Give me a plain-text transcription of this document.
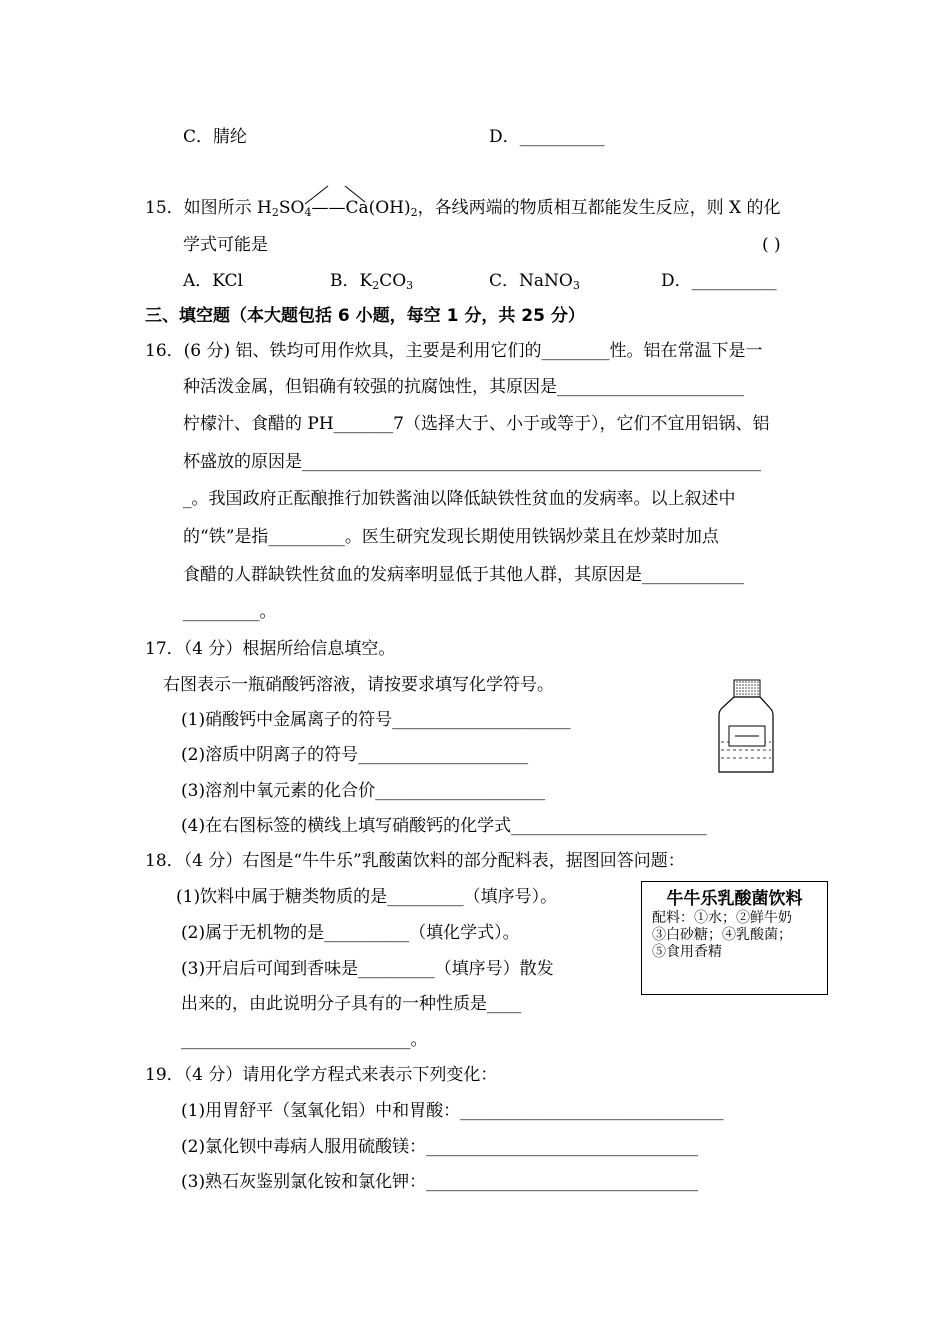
C．腈纶	D．__________
15．如图所示 $H_2SO_4——Ca(OH)_2$，各线两端的物质相互都能发生反应，则 X 的化
学式可能是	( )
A．KCl	B．$K_2CO_3$	C．NaNO$_3$	D．__________
三、填空题（本大题包括 6 小题，每空 1 分，共 25 分）
16．(6 分) 铝、铁均可用作炊具，主要是利用它们的________性。铝在常温下是一
种活泼金属，但铝确有较强的抗腐蚀性，其原因是______________________
柠檬汁、食醋的 PH_______7（选择大于、小于或等于），它们不宜用铝锅、铝
杯盛放的原因是______________________________________________________
_。我国政府正酝酿推行加铁酱油以降低缺铁性贫血的发病率。以上叙述中
的“铁”是指_________。医生研究发现长期使用铁锅炒菜且在炒菜时加点
食醋的人群缺铁性贫血的发病率明显低于其他人群，其原因是____________
_________。
17．（4 分）根据所给信息填空。
右图表示一瓶硝酸钙溶液，请按要求填写化学符号。
(1)硝酸钙中金属离子的符号_____________________
(2)溶质中阴离子的符号____________________
(3)溶剂中氧元素的化合价____________________
(4)在右图标签的横线上填写硝酸钙的化学式_______________________
18．（4 分）右图是“牛牛乐”乳酸菌饮料的部分配料表，据图回答问题：
(1)饮料中属于糖类物质的是_________（填序号）。
(2)属于无机物的是__________（填化学式）。
(3)开启后可闻到香味是_________（填序号）散发
出来的，由此说明分子具有的一种性质是____
___________________________。
牛牛乐乳酸菌饮料
配料：①水；②鲜牛奶
③白砂糖；④乳酸菌；
⑤食用香精
19．（4 分）请用化学方程式来表示下列变化：
(1)用胃舒平（氢氧化铝）中和胃酸：_______________________________
(2)氯化钡中毒病人服用硫酸镁：________________________________
(3)熟石灰鉴别氯化铵和氯化钾：________________________________
